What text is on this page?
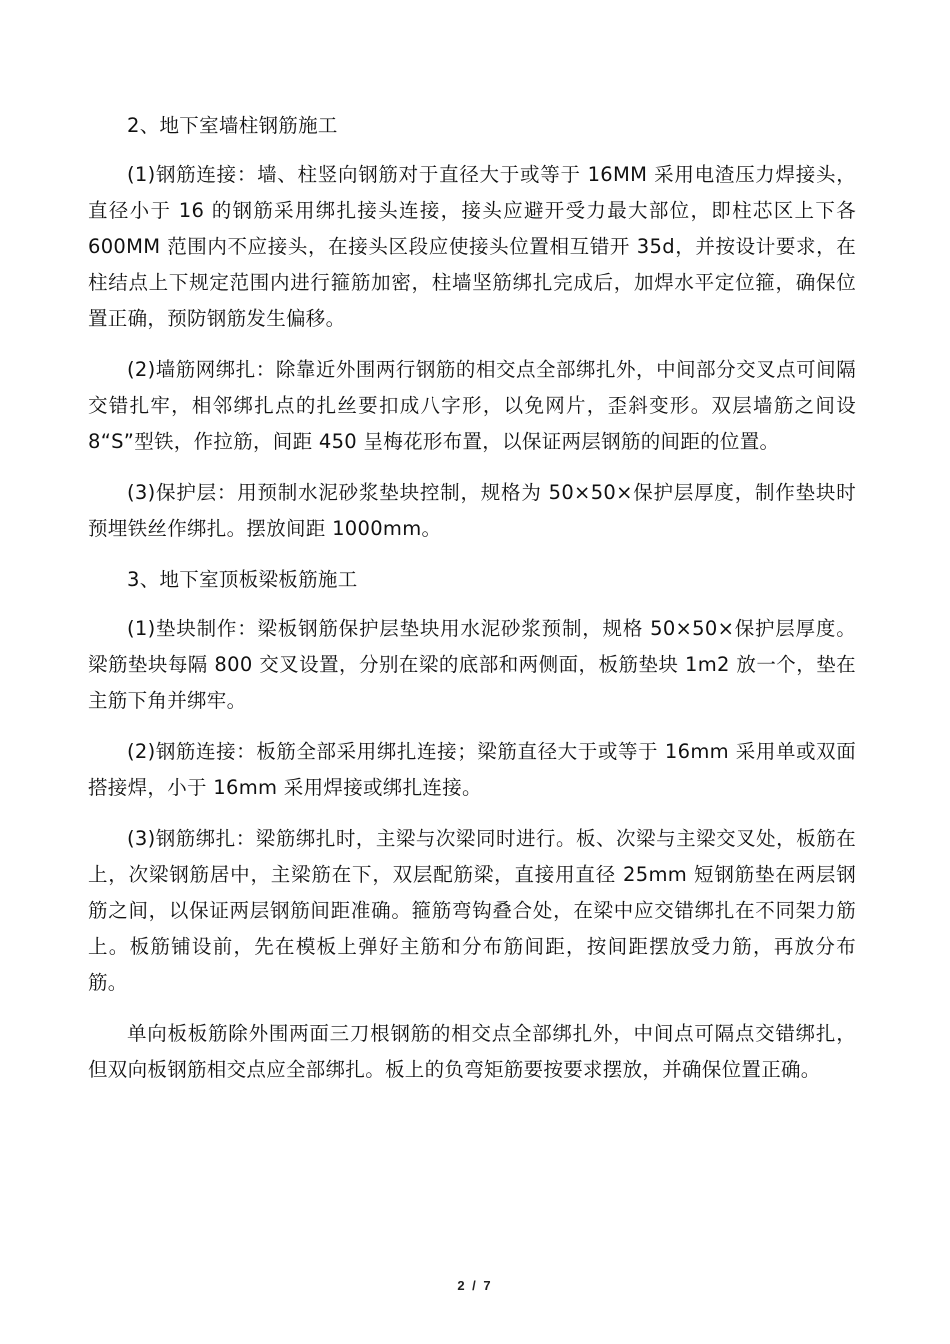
2、地下室墙柱钢筋施工

(1)钢筋连接：墙、柱竖向钢筋对于直径大于或等于 16MM 采用电渣压力焊接头，直径小于 16 的钢筋采用绑扎接头连接，接头应避开受力最大部位，即柱芯区上下各 600MM 范围内不应接头，在接头区段应使接头位置相互错开 35d，并按设计要求，在柱结点上下规定范围内进行箍筋加密，柱墙坚筋绑扎完成后，加焊水平定位箍，确保位置正确，预防钢筋发生偏移。

(2)墙筋网绑扎：除靠近外围两行钢筋的相交点全部绑扎外，中间部分交叉点可间隔交错扎牢，相邻绑扎点的扎丝要扣成八字形，以免网片，歪斜变形。双层墙筋之间设　8“S”型铁，作拉筋，间距 450 呈梅花形布置，以保证两层钢筋的间距的位置。

(3)保护层：用预制水泥砂浆垫块控制，规格为 50×50×保护层厚度，制作垫块时预埋铁丝作绑扎。摆放间距 1000mm。

3、地下室顶板梁板筋施工

(1)垫块制作：梁板钢筋保护层垫块用水泥砂浆预制，规格 50×50×保护层厚度。梁筋垫块每隔 800 交叉设置，分别在梁的底部和两侧面，板筋垫块 1m2 放一个，垫在主筋下角并绑牢。

(2)钢筋连接：板筋全部采用绑扎连接；梁筋直径大于或等于 16mm 采用单或双面搭接焊，小于 16mm 采用焊接或绑扎连接。

(3)钢筋绑扎：梁筋绑扎时，主梁与次梁同时进行。板、次梁与主梁交叉处，板筋在上，次梁钢筋居中，主梁筋在下，双层配筋梁，直接用直径 25mm 短钢筋垫在两层钢筋之间，以保证两层钢筋间距准确。箍筋弯钩叠合处，在梁中应交错绑扎在不同架力筋上。板筋铺设前，先在模板上弹好主筋和分布筋间距，按间距摆放受力筋，再放分布筋。

单向板板筋除外围两面三刀根钢筋的相交点全部绑扎外，中间点可隔点交错绑扎，但双向板钢筋相交点应全部绑扎。板上的负弯矩筋要按要求摆放，并确保位置正确。

2 / 7
